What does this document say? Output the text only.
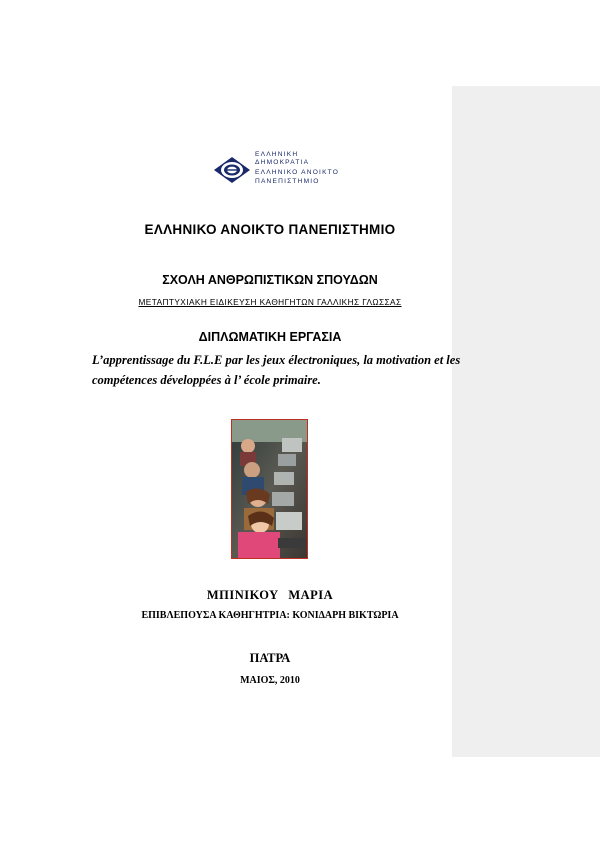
ΕΛΛΗΝΙΚΗ
ΔΗΜΟΚΡΑΤΙΑ
ΕΛΛΗΝΙΚΟ ΑΝΟΙΚΤΟ
ΠΑΝΕΠΙΣΤΗΜΙΟ
ΕΛΛΗΝΙΚΟ ΑΝΟΙΚΤΟ ΠΑΝΕΠΙΣΤΗΜΙΟ
ΣΧΟΛΗ ΑΝΘΡΩΠΙΣΤΙΚΩΝ ΣΠΟΥΔΩΝ
ΜΕΤΑΠΤΥΧΙΑΚΗ ΕΙΔΙΚΕΥΣΗ ΚΑΘΗΓΗΤΩΝ ΓΑΛΛΙΚΗΣ ΓΛΩΣΣΑΣ
ΔΙΠΛΩΜΑΤΙΚΗ ΕΡΓΑΣΙΑ

L’apprentissage du F.L.E par les jeux électroniques, la motivation et les compétences développées à l’ école primaire.

ΜΠΙΝΙΚΟΥ ΜΑΡΙΑ
ΕΠΙΒΛΕΠΟΥΣΑ ΚΑΘΗΓΗΤΡΙΑ: ΚΟΝΙΔΑΡΗ ΒΙΚΤΩΡΙΑ
ΠΑΤΡΑ
ΜΑΙΟΣ, 2010
